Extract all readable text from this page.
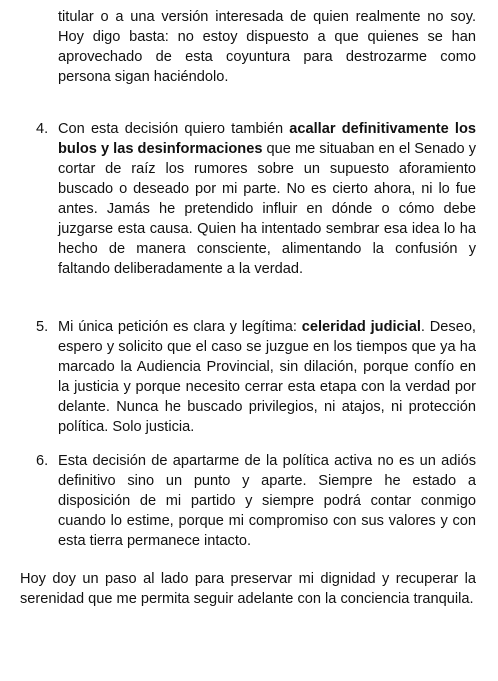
titular o a una versión interesada de quien realmente no soy. Hoy digo basta: no estoy dispuesto a que quienes se han aprovechado de esta coyuntura para destrozarme como persona sigan haciéndolo.

4. Con esta decisión quiero también acallar definitivamente los bulos y las desinformaciones que me situaban en el Senado y cortar de raíz los rumores sobre un supuesto aforamiento buscado o deseado por mi parte. No es cierto ahora, ni lo fue antes. Jamás he pretendido influir en dónde o cómo debe juzgarse esta causa. Quien ha intentado sembrar esa idea lo ha hecho de manera consciente, alimentando la confusión y faltando deliberadamente a la verdad.

5. Mi única petición es clara y legítima: celeridad judicial. Deseo, espero y solicito que el caso se juzgue en los tiempos que ya ha marcado la Audiencia Provincial, sin dilación, porque confío en la justicia y porque necesito cerrar esta etapa con la verdad por delante. Nunca he buscado privilegios, ni atajos, ni protección política. Solo justicia.

6. Esta decisión de apartarme de la política activa no es un adiós definitivo sino un punto y aparte. Siempre he estado a disposición de mi partido y siempre podrá contar conmigo cuando lo estime, porque mi compromiso con sus valores y con esta tierra permanece intacto.

Hoy doy un paso al lado para preservar mi dignidad y recuperar la serenidad que me permita seguir adelante con la conciencia tranquila.
